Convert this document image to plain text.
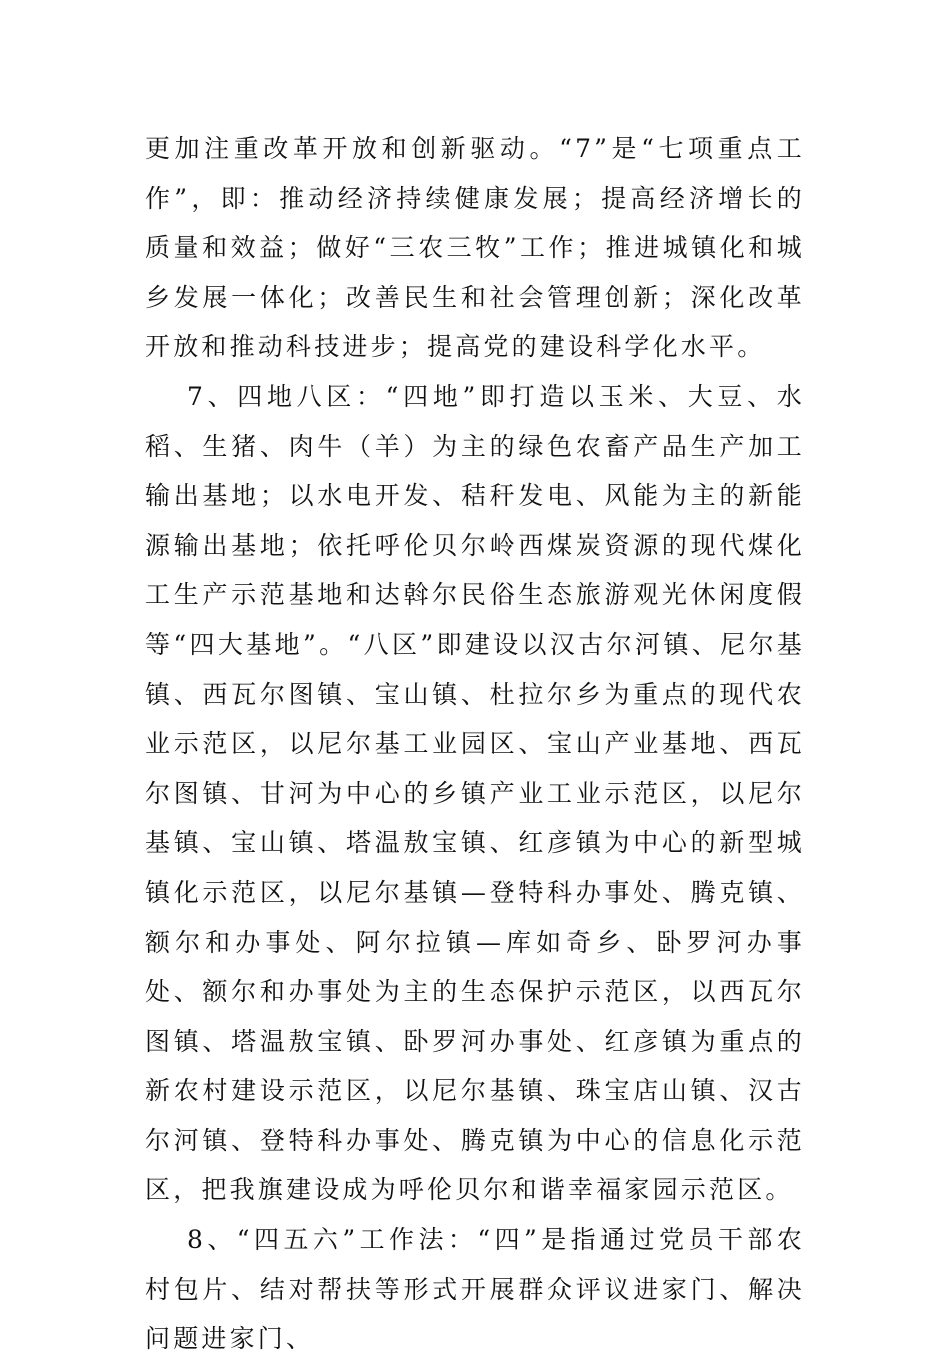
更加注重改革开放和创新驱动。“7”是“七项重点工作”，即：推动经济持续健康发展；提高经济增长的质量和效益；做好“三农三牧”工作；推进城镇化和城乡发展一体化；改善民生和社会管理创新；深化改革开放和推动科技进步；提高党的建设科学化水平。

7、四地八区：“四地”即打造以玉米、大豆、水稻、生猪、肉牛（羊）为主的绿色农畜产品生产加工输出基地；以水电开发、秸秆发电、风能为主的新能源输出基地；依托呼伦贝尔岭西煤炭资源的现代煤化工生产示范基地和达斡尔民俗生态旅游观光休闲度假等“四大基地”。“八区”即建设以汉古尔河镇、尼尔基镇、西瓦尔图镇、宝山镇、杜拉尔乡为重点的现代农业示范区，以尼尔基工业园区、宝山产业基地、西瓦尔图镇、甘河为中心的乡镇产业工业示范区，以尼尔基镇、宝山镇、塔温敖宝镇、红彦镇为中心的新型城镇化示范区，以尼尔基镇—登特科办事处、腾克镇、额尔和办事处、阿尔拉镇—库如奇乡、卧罗河办事处、额尔和办事处为主的生态保护示范区，以西瓦尔图镇、塔温敖宝镇、卧罗河办事处、红彦镇为重点的新农村建设示范区，以尼尔基镇、珠宝店山镇、汉古尔河镇、登特科办事处、腾克镇为中心的信息化示范区，把我旗建设成为呼伦贝尔和谐幸福家园示范区。

8、“四五六”工作法：“四”是指通过党员干部农村包片、结对帮扶等形式开展群众评议进家门、解决问题进家门、
